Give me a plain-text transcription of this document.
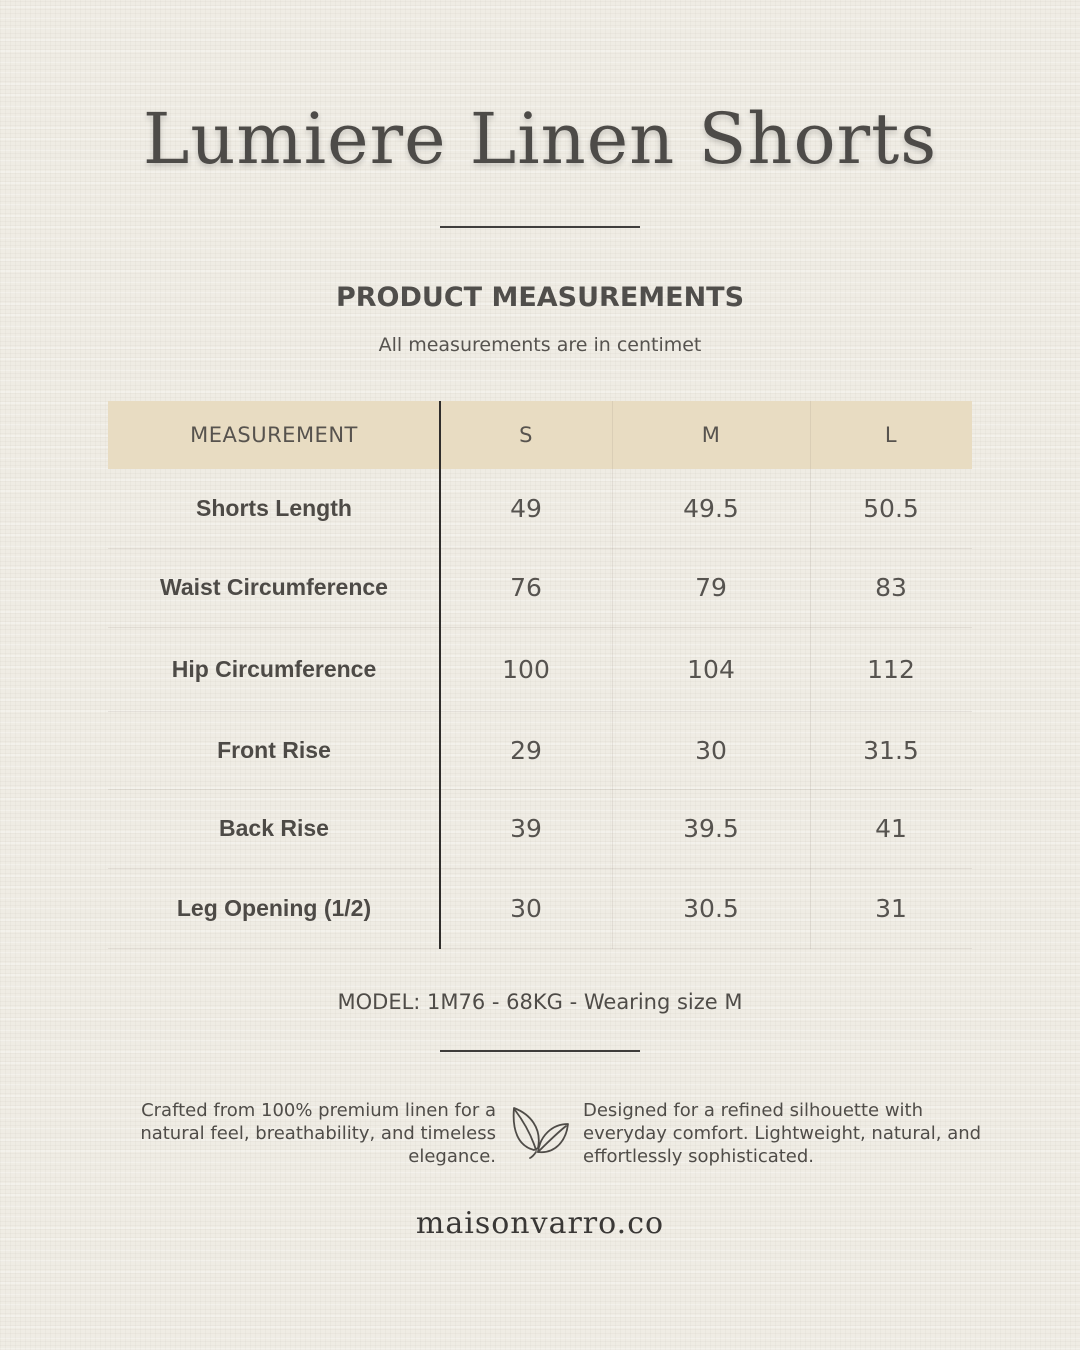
Lumiere Linen Shorts
PRODUCT MEASUREMENTS
All measurements are in centimet
MEASUREMENT	S	M	L
Shorts Length	49	49.5	50.5
Waist Circumference	76	79	83
Hip Circumference	100	104	112
Front Rise	29	30	31.5
Back Rise	39	39.5	41
Leg Opening (1/2)	30	30.5	31
MODEL: 1M76 - 68KG - Wearing size M
Crafted from 100% premium linen for a natural feel, breathability, and timeless elegance.
Designed for a refined silhouette with everyday comfort. Lightweight, natural, and effortlessly sophisticated.
maisonvarro.co
